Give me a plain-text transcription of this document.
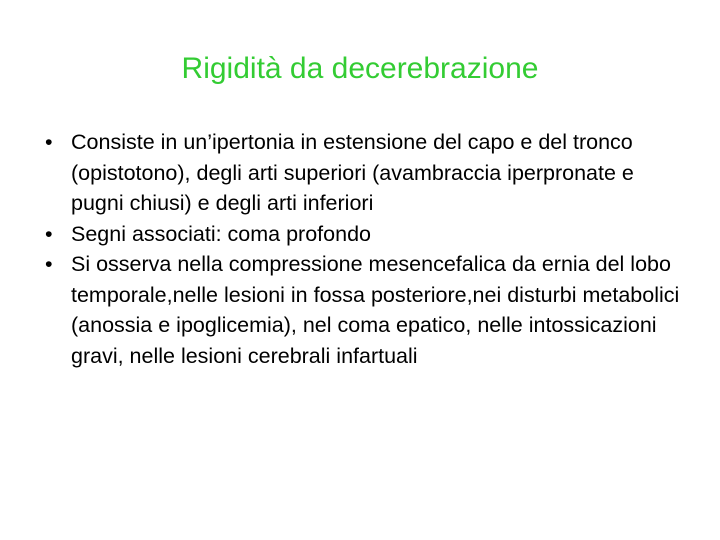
Rigidità da decerebrazione
• Consiste in un’ipertonia in estensione del capo e del tronco (opistotono), degli arti superiori (avambraccia iperpronate e pugni chiusi) e degli arti inferiori
• Segni associati: coma profondo
• Si osserva nella compressione mesencefalica da ernia del lobo temporale,nelle lesioni in fossa posteriore,nei disturbi metabolici (anossia e ipoglicemia), nel coma epatico, nelle intossicazioni gravi, nelle lesioni cerebrali infartuali
